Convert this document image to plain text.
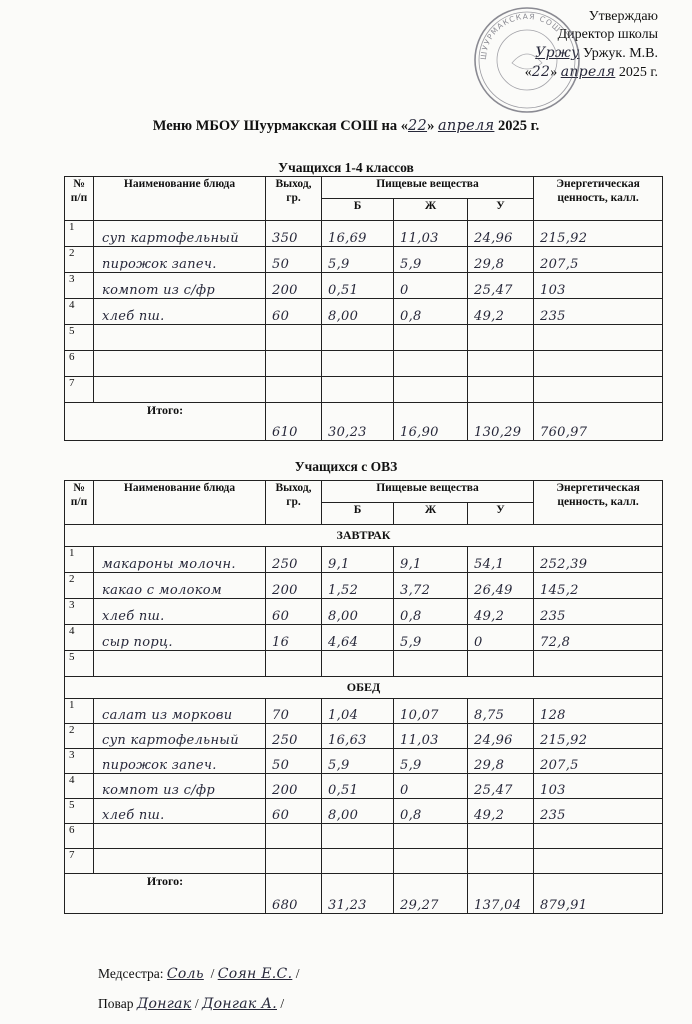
Утверждаю
Директор школы
Уржу Уржук. М.В.
«22» апреля 2025 г.
ШУУРМАКСКАЯ СОШ
Меню МБОУ Шуурмакская СОШ на «22» апреля 2025 г.
Учащихся 1-4 классов
№ п/п	Наименование блюда	Выход, гр.	Пищевые вещества			Энергетическая ценность, калл.
			Б	Ж	У	
1	суп картофельный	350	16,69	11,03	24,96	215,92
2	пирожок запеч.	50	5,9	5,9	29,8	207,5
3	компот из с/фр	200	0,51	0	25,47	103
4	хлеб пш.	60	8,00	0,8	49,2	235
5						
6						
7						
Итого:		610	30,23	16,90	130,29	760,97
Учащихся с ОВЗ
№ п/п	Наименование блюда	Выход, гр.	Пищевые вещества			Энергетическая ценность, калл.
			Б	Ж	У	
ЗАВТРАК						
1	макароны молочн.	250	9,1	9,1	54,1	252,39
2	какао с молоком	200	1,52	3,72	26,49	145,2
3	хлеб пш.	60	8,00	0,8	49,2	235
4	сыр порц.	16	4,64	5,9	0	72,8
5						
ОБЕД						
1	салат из моркови	70	1,04	10,07	8,75	128
2	суп картофельный	250	16,63	11,03	24,96	215,92
3	пирожок запеч.	50	5,9	5,9	29,8	207,5
4	компот из с/фр	200	0,51	0	25,47	103
5	хлеб пш.	60	8,00	0,8	49,2	235
6						
7						
Итого:		680	31,23	29,27	137,04	879,91
Медсестра: Соль  / Соян Е.С. /
Повар Донгак / Донгак А. /
